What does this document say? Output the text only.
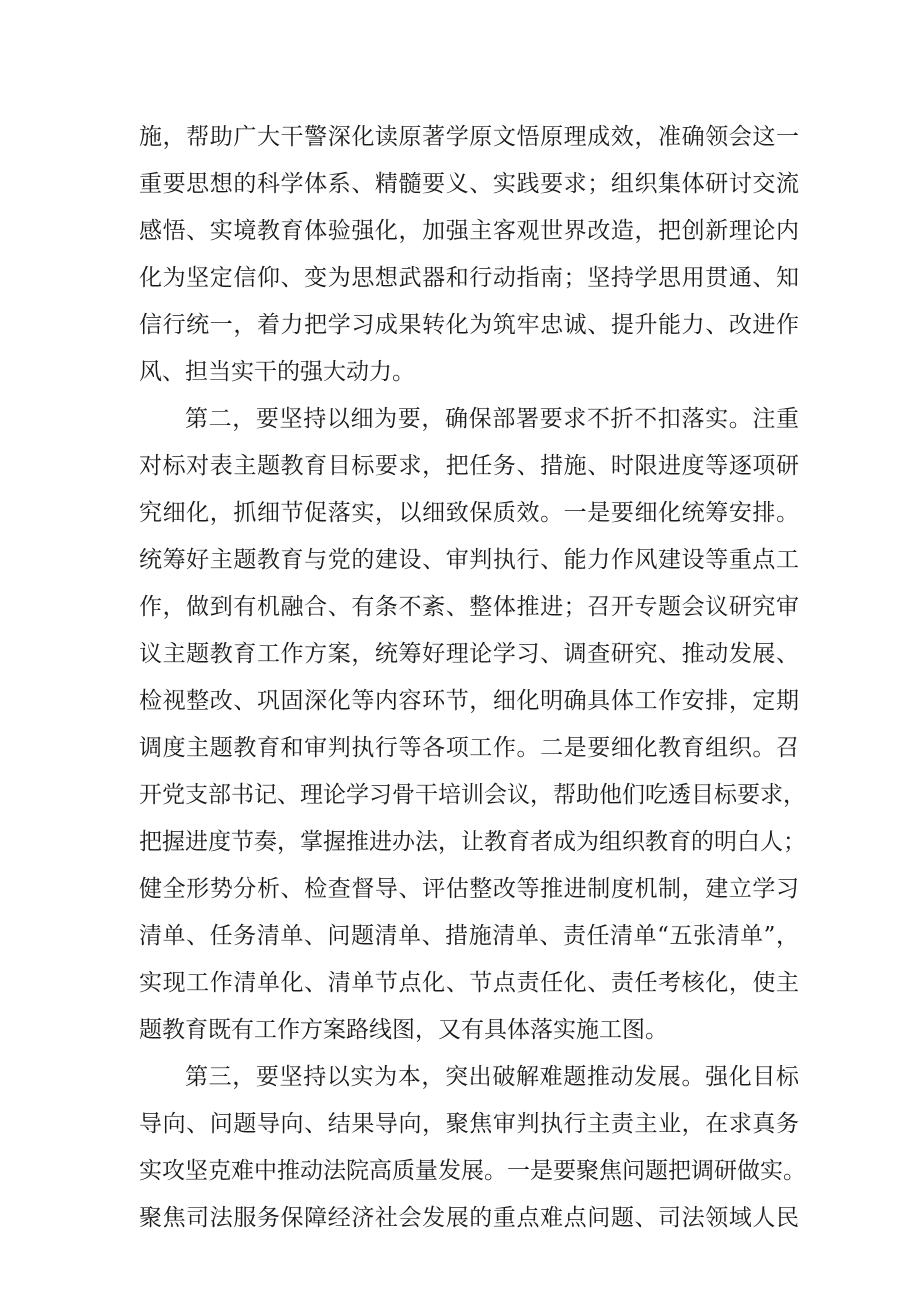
施，帮助广大干警深化读原著学原文悟原理成效，准确领会这一
重要思想的科学体系、精髓要义、实践要求；组织集体研讨交流
感悟、实境教育体验强化，加强主客观世界改造，把创新理论内
化为坚定信仰、变为思想武器和行动指南；坚持学思用贯通、知
信行统一，着力把学习成果转化为筑牢忠诚、提升能力、改进作
风、担当实干的强大动力。
第二，要坚持以细为要，确保部署要求不折不扣落实。注重
对标对表主题教育目标要求，把任务、措施、时限进度等逐项研
究细化，抓细节促落实，以细致保质效。一是要细化统筹安排。
统筹好主题教育与党的建设、审判执行、能力作风建设等重点工
作，做到有机融合、有条不紊、整体推进；召开专题会议研究审
议主题教育工作方案，统筹好理论学习、调查研究、推动发展、
检视整改、巩固深化等内容环节，细化明确具体工作安排，定期
调度主题教育和审判执行等各项工作。二是要细化教育组织。召
开党支部书记、理论学习骨干培训会议，帮助他们吃透目标要求，
把握进度节奏，掌握推进办法，让教育者成为组织教育的明白人；
健全形势分析、检查督导、评估整改等推进制度机制，建立学习
清单、任务清单、问题清单、措施清单、责任清单“五张清单”，
实现工作清单化、清单节点化、节点责任化、责任考核化，使主
题教育既有工作方案路线图，又有具体落实施工图。
第三，要坚持以实为本，突出破解难题推动发展。强化目标
导向、问题导向、结果导向，聚焦审判执行主责主业，在求真务
实攻坚克难中推动法院高质量发展。一是要聚焦问题把调研做实。
聚焦司法服务保障经济社会发展的重点难点问题、司法领域人民
